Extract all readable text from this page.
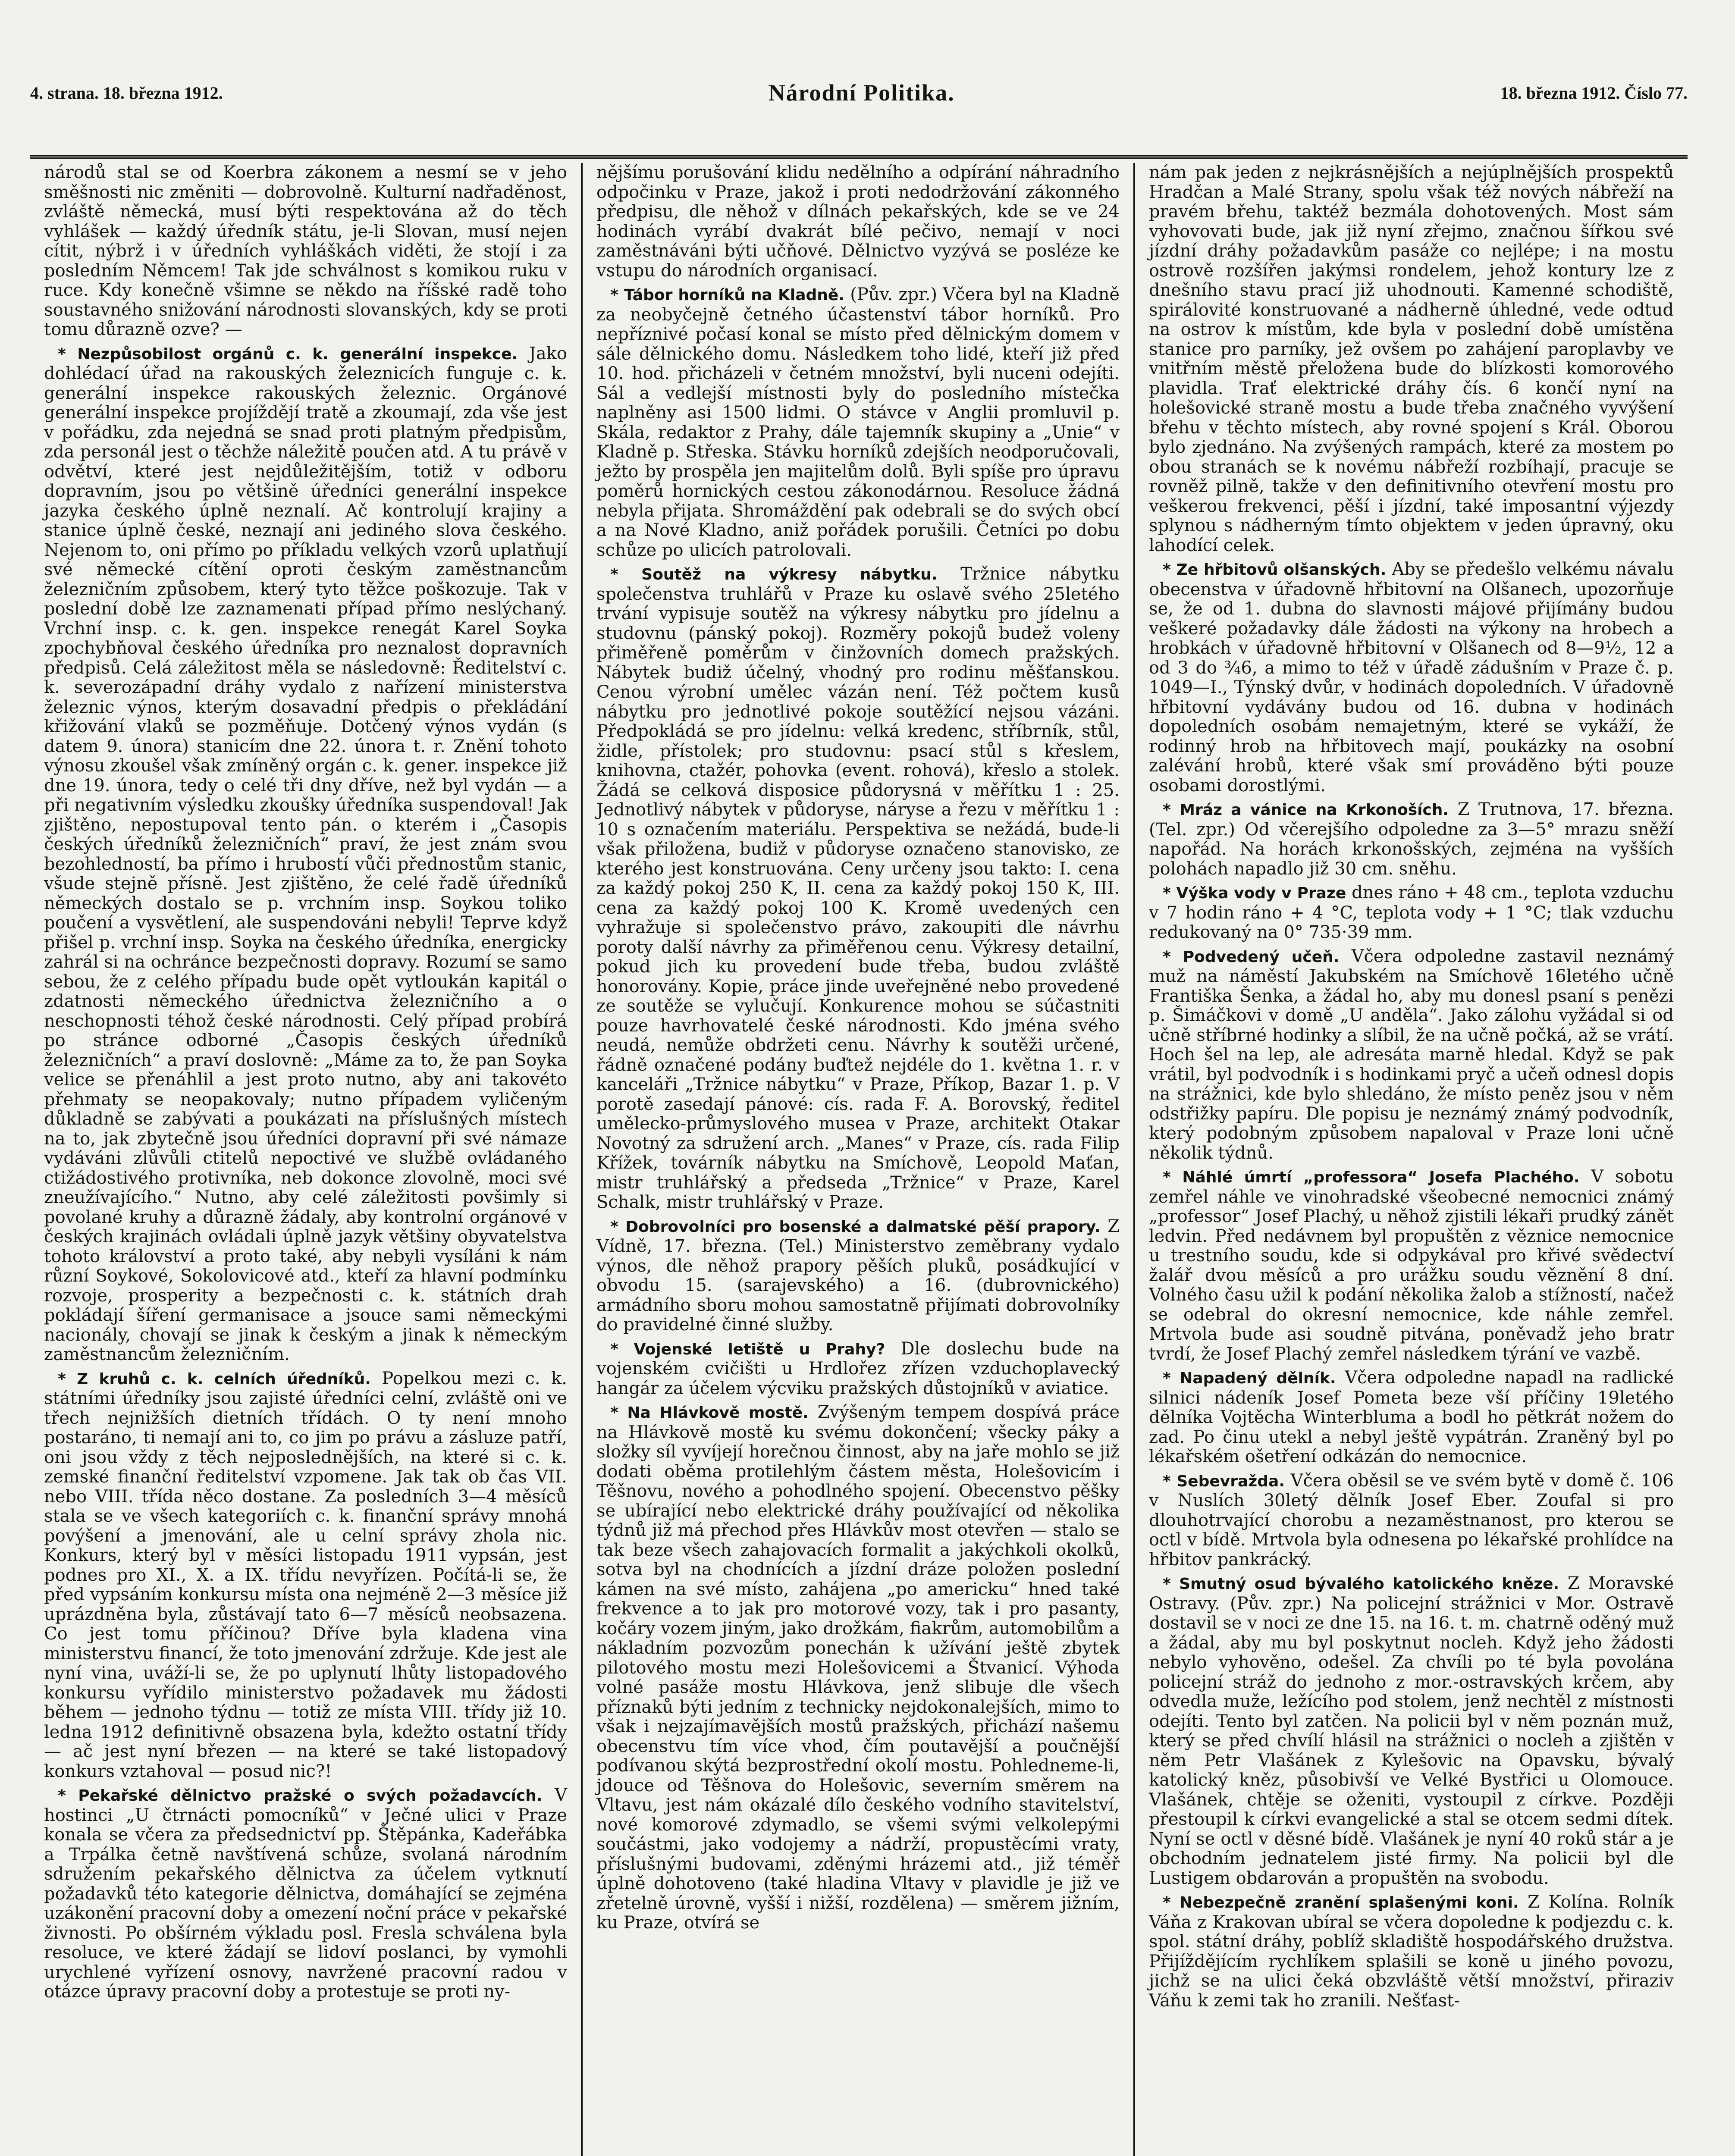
4. strana. 18. března 1912.	Národní Politika.	18. března 1912. Číslo 77.

národů stal se od Koerbra zákonem a nesmí se v jeho směšnosti nic změniti — dobrovolně. Kulturní nadřaděnost, zvláště německá, musí býti respektována až do těch vyhlášek — každý úředník státu, je-li Slovan, musí nejen cítit, nýbrž i v úředních vyhláškách viděti, že stojí i za posledním Němcem! Tak jde schválnost s komikou ruku v ruce. Kdy konečně všimne se někdo na říšské radě toho soustavného snižování národnosti slovanských, kdy se proti tomu důrazně ozve? —

* Nezpůsobilost orgánů c. k. generální inspekce. Jako dohlédací úřad na rakouských železnicích funguje c. k. generální inspekce rakouských železnic. Orgánové generální inspekce projíždějí tratě a zkoumají, zda vše jest v pořádku, zda nejedná se snad proti platným předpisům, zda personál jest o těchže náležitě poučen atd. A tu právě v odvětví, které jest nejdůležitějším, totiž v odboru dopravním, jsou po většině úředníci generální inspekce jazyka českého úplně neznalí. Ač kontrolují krajiny a stanice úplně české, neznají ani jediného slova českého. Nejenom to, oni přímo po příkladu velkých vzorů uplatňují své německé cítění oproti českým zaměstnancům železničním způsobem, který tyto těžce poškozuje. Tak v poslední době lze zaznamenati případ přímo neslýchaný. Vrchní insp. c. k. gen. inspekce renegát Karel Soyka zpochybňoval českého úředníka pro neznalost dopravních předpisů. Celá záležitost měla se následovně: Ředitelství c. k. severozápadní dráhy vydalo z nařízení ministerstva železnic výnos, kterým dosavadní předpis o překládání křižování vlaků se pozměňuje. Dotčený výnos vydán (s datem 9. února) stanicím dne 22. února t. r. Znění tohoto výnosu zkoušel však zmíněný orgán c. k. gener. inspekce již dne 19. února, tedy o celé tři dny dříve, než byl vydán — a při negativním výsledku zkoušky úředníka suspendoval! Jak zjištěno, nepostupoval tento pán. o kterém i „Časopis českých úředníků železničních“ praví, že jest znám svou bezohledností, ba přímo i hrubostí vůči přednostům stanic, všude stejně přísně. Jest zjištěno, že celé řadě úředníků německých dostalo se p. vrchním insp. Soykou toliko poučení a vysvětlení, ale suspendováni nebyli! Teprve když přišel p. vrchní insp. Soyka na českého úředníka, energicky zahrál si na ochránce bezpečnosti dopravy. Rozumí se samo sebou, že z celého případu bude opět vytloukán kapitál o zdatnosti německého úřednictva železničního a o neschopnosti téhož české národnosti. Celý případ probírá po stránce odborné „Časopis českých úředníků železničních“ a praví doslovně: „Máme za to, že pan Soyka velice se přenáhlil a jest proto nutno, aby ani takovéto přehmaty se neopakovaly; nutno případem vyličeným důkladně se zabývati a poukázati na příslušných místech na to, jak zbytečně jsou úředníci dopravní při své námaze vydáváni zlůvůli ctitelů nepoctivé ve službě ovládaného ctižádostivého protivníka, neb dokonce zlovolně, moci své zneužívajícího.“ Nutno, aby celé záležitosti povšimly si povolané kruhy a důrazně žádaly, aby kontrolní orgánové v českých krajinách ovládali úplně jazyk většiny obyvatelstva tohoto království a proto také, aby nebyli vysíláni k nám různí Soykové, Sokolovicové atd., kteří za hlavní podmínku rozvoje, prosperity a bezpečnosti c. k. státních drah pokládají šíření germanisace a jsouce sami německými nacionály, chovají se jinak k českým a jinak k německým zaměstnancům železničním.

* Z kruhů c. k. celních úředníků. Popelkou mezi c. k. státními úředníky jsou zajisté úředníci celní, zvláště oni ve třech nejnižších dietních třídách. O ty není mnoho postaráno, ti nemají ani to, co jim po právu a zásluze patří, oni jsou vždy z těch nejposlednějších, na které si c. k. zemské finanční ředitelství vzpomene. Jak tak ob čas VII. nebo VIII. třída něco dostane. Za posledních 3—4 měsíců stala se ve všech kategoriích c. k. finanční správy mnohá povýšení a jmenování, ale u celní správy zhola nic. Konkurs, který byl v měsíci listopadu 1911 vypsán, jest podnes pro XI., X. a IX. třídu nevyřízen. Počítá-li se, že před vypsáním konkursu místa ona nejméně 2—3 měsíce již uprázdněna byla, zůstávají tato 6—7 měsíců neobsazena. Co jest tomu příčinou? Dříve byla kladena vina ministerstvu financí, že toto jmenování zdržuje. Kde jest ale nyní vina, uváží-li se, že po uplynutí lhůty listopadového konkursu vyřídilo ministerstvo požadavek mu žádosti během — jednoho týdnu — totiž ze místa VIII. třídy již 10. ledna 1912 definitivně obsazena byla, kdežto ostatní třídy — ač jest nyní březen — na které se také listopadový konkurs vztahoval — posud nic?!

* Pekařské dělnictvo pražské o svých požadavcích. V hostinci „U čtrnácti pomocníků“ v Ječné ulici v Praze konala se včera za předsednictví pp. Štěpánka, Kadeřábka a Trpálka četně navštívená schůze, svolaná národním sdružením pekařského dělnictva za účelem vytknutí požadavků této kategorie dělnictva, domáhající se zejména uzákonění pracovní doby a omezení noční práce v pekařské živnosti. Po obšírném výkladu posl. Fresla schválena byla resoluce, ve které žádají se lidoví poslanci, by vymohli urychlené vyřízení osnovy, navržené pracovní radou v otázce úpravy pracovní doby a protestuje se proti ny-

nějšímu porušování klidu nedělního a odpírání náhradního odpočinku v Praze, jakož i proti nedodržování zákonného předpisu, dle něhož v dílnách pekařských, kde se ve 24 hodinách vyrábí dvakrát bílé pečivo, nemají v noci zaměstnáváni býti učňové. Dělnictvo vyzývá se posléze ke vstupu do národních organisací.

* Tábor horníků na Kladně. (Pův. zpr.) Včera byl na Kladně za neobyčejně četného účastenství tábor horníků. Pro nepříznivé počasí konal se místo před dělnickým domem v sále dělnického domu. Následkem toho lidé, kteří již před 10. hod. přicházeli v četném množství, byli nuceni odejíti. Sál a vedlejší místnosti byly do posledního místečka naplněny asi 1500 lidmi. O stávce v Anglii promluvil p. Skála, redaktor z Prahy, dále tajemník skupiny a „Unie“ v Kladně p. Střeska. Stávku horníků zdejších neodporučovali, ježto by prospěla jen majitelům dolů. Byli spíše pro úpravu poměrů hornických cestou zákonodárnou. Resoluce žádná nebyla přijata. Shromáždění pak odebrali se do svých obcí a na Nové Kladno, aniž pořádek porušili. Četníci po dobu schůze po ulicích patrolovali.

* Soutěž na výkresy nábytku. Tržnice nábytku společenstva truhlářů v Praze ku oslavě svého 25letého trvání vypisuje soutěž na výkresy nábytku pro jídelnu a studovnu (pánský pokoj). Rozměry pokojů budež voleny přiměřeně poměrům v činžovních domech pražských. Nábytek budiž účelný, vhodný pro rodinu měšťanskou. Cenou výrobní umělec vázán není. Též počtem kusů nábytku pro jednotlivé pokoje soutěžící nejsou vázáni. Předpokládá se pro jídelnu: velká kredenc, stříbrník, stůl, židle, přístolek; pro studovnu: psací stůl s křeslem, knihovna, ctažér, pohovka (event. rohová), křeslo a stolek. Žádá se celková disposice půdorysná v měřítku 1 : 25. Jednotlivý nábytek v půdoryse, náryse a řezu v měřítku 1 : 10 s označením materiálu. Perspektiva se nežádá, bude-li však přiložena, budiž v půdoryse označeno stanovisko, ze kterého jest konstruována. Ceny určeny jsou takto: I. cena za každý pokoj 250 K, II. cena za každý pokoj 150 K, III. cena za každý pokoj 100 K. Kromě uvedených cen vyhražuje si společenstvo právo, zakoupiti dle návrhu poroty další návrhy za přiměřenou cenu. Výkresy detailní, pokud jich ku provedení bude třeba, budou zvláště honorovány. Kopie, práce jinde uveřejněné nebo provedené ze soutěže se vylučují. Konkurence mohou se súčastniti pouze havrhovatelé české národnosti. Kdo jména svého neudá, nemůže obdržeti cenu. Návrhy k soutěži určené, řádně označené podány buďtež nejdéle do 1. května 1. r. v kanceláři „Tržnice nábytku“ v Praze, Příkop, Bazar 1. p. V porotě zasedají pánové: cís. rada F. A. Borovský, ředitel umělecko-průmyslového musea v Praze, architekt Otakar Novotný za sdružení arch. „Manes“ v Praze, cís. rada Filip Křížek, továrník nábytku na Smíchově, Leopold Maťan, mistr truhlářský a předseda „Tržnice“ v Praze, Karel Schalk, mistr truhlářský v Praze.

* Dobrovolníci pro bosenské a dalmatské pěší prapory. Z Vídně, 17. března. (Tel.) Ministerstvo zeměbrany vydalo výnos, dle něhož prapory pěších pluků, posádkující v obvodu 15. (sarajevského) a 16. (dubrovnického) armádního sboru mohou samostatně přijímati dobrovolníky do pravidelné činné služby.

* Vojenské letiště u Prahy? Dle doslechu bude na vojenském cvičišti u Hrdlořez zřízen vzduchoplavecký hangár za účelem výcviku pražských důstojníků v aviatice.

* Na Hlávkově mostě. Zvýšeným tempem dospívá práce na Hlávkově mostě ku svému dokončení; všecky páky a složky síl vyvíjejí horečnou činnost, aby na jaře mohlo se již dodati oběma protilehlým částem města, Holešovicím i Těšnovu, nového a pohodlného spojení. Obecenstvo pěšky se ubírající nebo elektrické dráhy používající od několika týdnů již má přechod přes Hlávkův most otevřen — stalo se tak beze všech zahajovacích formalit a jakýchkoli okolků, sotva byl na chodnících a jízdní dráze položen poslední kámen na své místo, zahájena „po americku“ hned také frekvence a to jak pro motorové vozy, tak i pro pasanty, kočáry vozem jiným, jako drožkám, fiakrům, automobilům a nákladním pozvozům ponechán k užívání ještě zbytek pilotového mostu mezi Holešovicemi a Štvanicí. Výhoda volné pasáže mostu Hlávkova, jenž slibuje dle všech příznaků býti jedním z technicky nejdokonalejších, mimo to však i nejzajímavějších mostů pražských, přichází našemu obecenstvu tím více vhod, čím poutavější a poučnější podívanou skýtá bezprostřední okolí mostu. Pohledneme-li, jdouce od Těšnova do Holešovic, severním směrem na Vltavu, jest nám okázalé dílo českého vodního stavitelství, nové komorové zdymadlo, se všemi svými velkolepými součástmi, jako vodojemy a nádrží, propustěcími vraty, příslušnými budovami, zděnými hrázemi atd., již téměř úplně dohotoveno (také hladina Vltavy v plavidle je již ve zřetelně úrovně, vyšší i nižší, rozdělena) — směrem jižním, ku Praze, otvírá se

nám pak jeden z nejkrásnějších a nejúplnějších prospektů Hradčan a Malé Strany, spolu však též nových nábřeží na pravém břehu, taktéž bezmála dohotovených. Most sám vyhovovati bude, jak již nyní zřejmo, značnou šířkou své jízdní dráhy požadavkům pasáže co nejlépe; i na mostu ostrově rozšířen jakýmsi rondelem, jehož kontury lze z dnešního stavu prací již uhodnouti. Kamenné schodiště, spirálovité konstruované a nádherně úhledné, vede odtud na ostrov k místům, kde byla v poslední době umístěna stanice pro parníky, jež ovšem po zahájení paroplavby ve vnitřním městě přeložena bude do blízkosti komorového plavidla. Trať elektrické dráhy čís. 6 končí nyní na holešovické straně mostu a bude třeba značného vyvýšení břehu v těchto místech, aby rovné spojení s Král. Oborou bylo zjednáno. Na zvýšených rampách, které za mostem po obou stranách se k novému nábřeží rozbíhají, pracuje se rovněž pilně, takže v den definitivního otevření mostu pro veškerou frekvenci, pěší i jízdní, také imposantní výjezdy splynou s nádherným tímto objektem v jeden úpravný, oku lahodící celek.

* Ze hřbitovů olšanských. Aby se předešlo velkému návalu obecenstva v úřadovně hřbitovní na Olšanech, upozorňuje se, že od 1. dubna do slavnosti májové přijímány budou veškeré požadavky dále žádosti na výkony na hrobech a hrobkách v úřadovně hřbitovní v Olšanech od 8—9½, 12 a od 3 do ¾6, a mimo to též v úřadě zádušním v Praze č. p. 1049—I., Týnský dvůr, v hodinách dopoledních. V úřadovně hřbitovní vydávány budou od 16. dubna v hodinách dopoledních osobám nemajetným, které se vykáží, že rodinný hrob na hřbitovech mají, poukázky na osobní zalévání hrobů, které však smí prováděno býti pouze osobami dorostlými.

* Mráz a vánice na Krkonoších. Z Trutnova, 17. března. (Tel. zpr.) Od včerejšího odpoledne za 3—5° mrazu sněží napořád. Na horách krkonošských, zejména na vyšších polohách napadlo již 30 cm. sněhu.

* Výška vody v Praze dnes ráno + 48 cm., teplota vzduchu v 7 hodin ráno + 4 °C, teplota vody + 1 °C; tlak vzduchu redukovaný na 0° 735·39 mm.

* Podvedený učeň. Včera odpoledne zastavil neznámý muž na náměstí Jakubském na Smíchově 16letého učně Františka Šenka, a žádal ho, aby mu donesl psaní s penězi p. Šimáčkovi v domě „U anděla“. Jako zálohu vyžádal si od učně stříbrné hodinky a slíbil, že na učně počká, až se vrátí. Hoch šel na lep, ale adresáta marně hledal. Když se pak vrátil, byl podvodník i s hodinkami pryč a učeň odnesl dopis na strážnici, kde bylo shledáno, že místo peněz jsou v něm odstřižky papíru. Dle popisu je neznámý známý podvodník, který podobným způsobem napaloval v Praze loni učně několik týdnů.

* Náhlé úmrtí „professora“ Josefa Plachého. V sobotu zemřel náhle ve vinohradské všeobecné nemocnici známý „professor“ Josef Plachý, u něhož zjistili lékaři prudký zánět ledvin. Před nedávnem byl propuštěn z věznice nemocnice u trestního soudu, kde si odpykával pro křivé svědectví žalář dvou měsíců a pro urážku soudu věznění 8 dní. Volného času užil k podání několika žalob a stížností, načež se odebral do okresní nemocnice, kde náhle zemřel. Mrtvola bude asi soudně pitvána, poněvadž jeho bratr tvrdí, že Josef Plachý zemřel následkem týrání ve vazbě.

* Napadený dělník. Včera odpoledne napadl na radlické silnici nádeník Josef Pometa beze vší příčiny 19letého dělníka Vojtěcha Winterbluma a bodl ho pětkrát nožem do zad. Po činu utekl a nebyl ještě vypátrán. Zraněný byl po lékařském ošetření odkázán do nemocnice.

* Sebevražda. Včera oběsil se ve svém bytě v domě č. 106 v Nuslích 30letý dělník Josef Eber. Zoufal si pro dlouhotrvající chorobu a nezaměstnanost, pro kterou se octl v bídě. Mrtvola byla odnesena po lékařské prohlídce na hřbitov pankrácký.

* Smutný osud bývalého katolického kněze. Z Moravské Ostravy. (Pův. zpr.) Na policejní strážnici v Mor. Ostravě dostavil se v noci ze dne 15. na 16. t. m. chatrně oděný muž a žádal, aby mu byl poskytnut nocleh. Když jeho žádosti nebylo vyhověno, odešel. Za chvíli po té byla povolána policejní stráž do jednoho z mor.-ostravských krčem, aby odvedla muže, ležícího pod stolem, jenž nechtěl z místnosti odejíti. Tento byl zatčen. Na policii byl v něm poznán muž, který se před chvílí hlásil na strážnici o nocleh a zjištěn v něm Petr Vlašánek z Kylešovic na Opavsku, bývalý katolický kněz, působivší ve Velké Bystřici u Olomouce. Vlašánek, chtěje se oženiti, vystoupil z církve. Později přestoupil k církvi evangelické a stal se otcem sedmi dítek. Nyní se octl v děsné bídě. Vlašánek je nyní 40 roků stár a je obchodním jednatelem jisté firmy. Na policii byl dle Lustigem obdarován a propuštěn na svobodu.

* Nebezpečně zranění splašenými koni. Z Kolína. Rolník Váňa z Krakovan ubíral se včera dopoledne k podjezdu c. k. spol. státní dráhy, poblíž skladiště hospodářského družstva. Přijíždějícím rychlíkem splašili se koně u jiného povozu, jichž se na ulici čeká obzvláště větší množství, přiraziv Váňu k zemi tak ho zranili. Nešťast-
